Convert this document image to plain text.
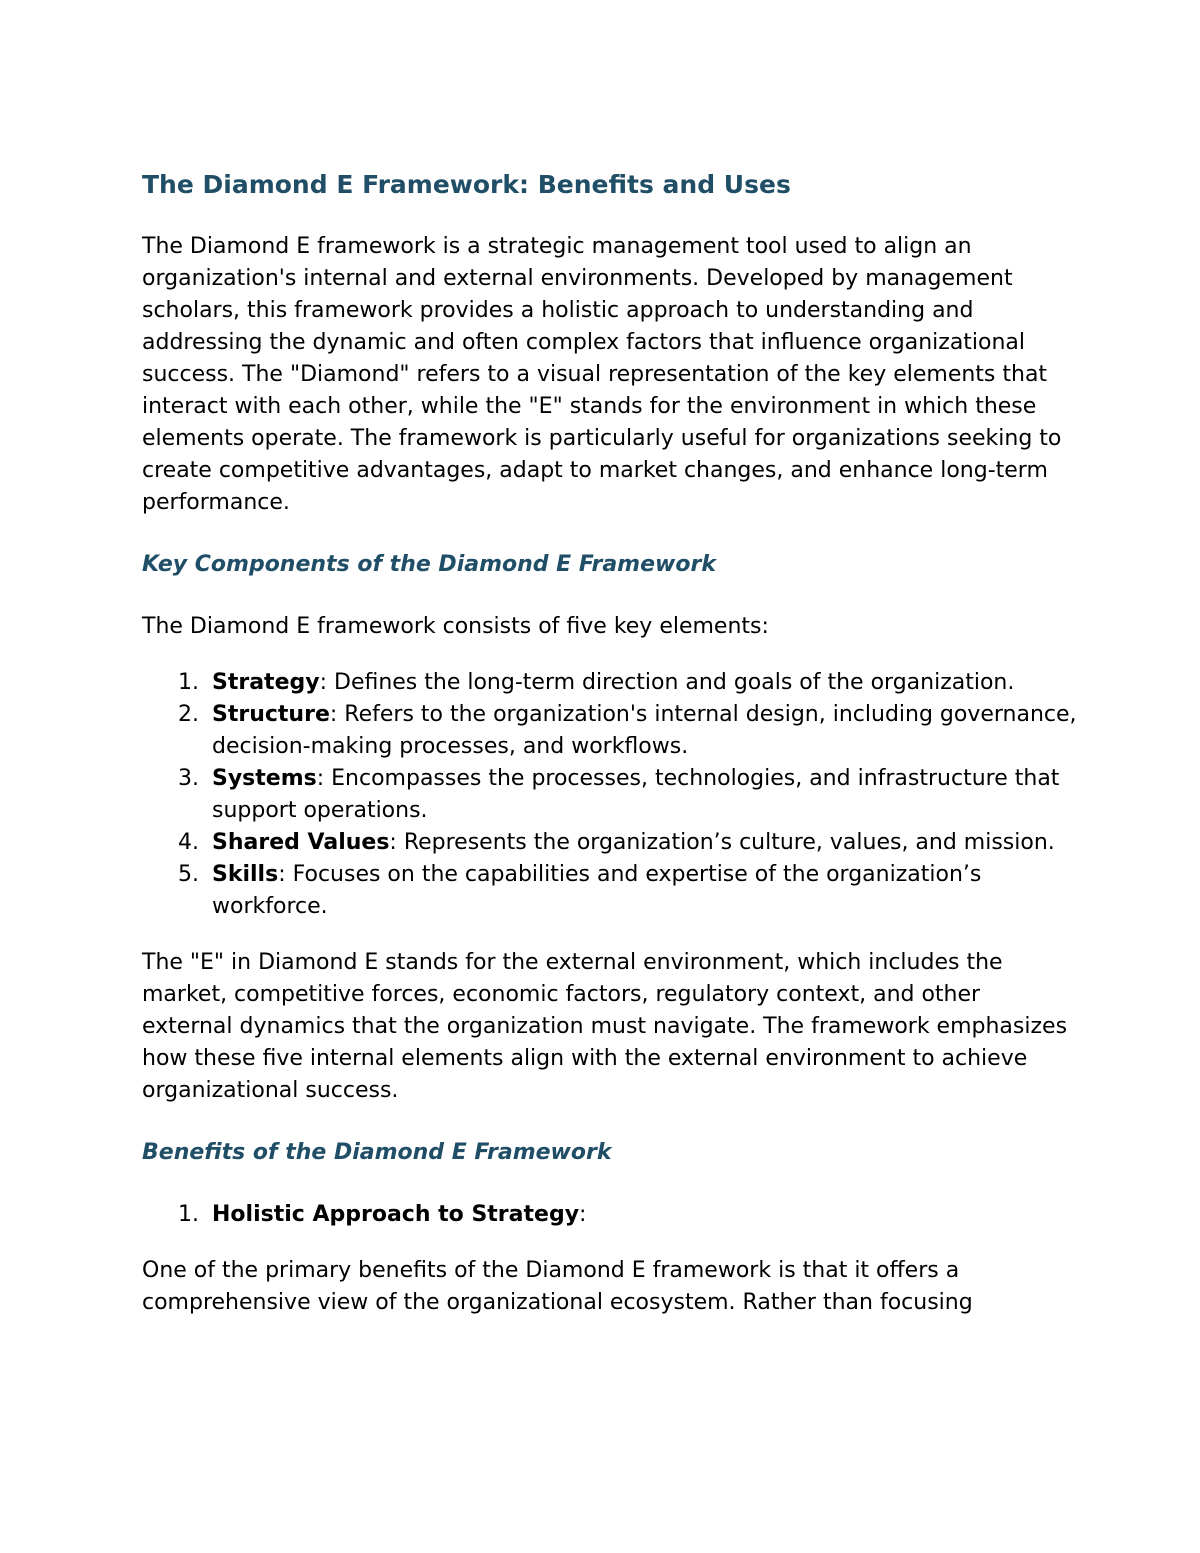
The Diamond E Framework: Benefits and Uses

The Diamond E framework is a strategic management tool used to align an organization's internal and external environments. Developed by management scholars, this framework provides a holistic approach to understanding and addressing the dynamic and often complex factors that influence organizational success. The "Diamond" refers to a visual representation of the key elements that interact with each other, while the "E" stands for the environment in which these elements operate. The framework is particularly useful for organizations seeking to create competitive advantages, adapt to market changes, and enhance long-term performance.

Key Components of the Diamond E Framework

The Diamond E framework consists of five key elements:

1. Strategy: Defines the long-term direction and goals of the organization.
2. Structure: Refers to the organization's internal design, including governance, decision-making processes, and workflows.
3. Systems: Encompasses the processes, technologies, and infrastructure that support operations.
4. Shared Values: Represents the organization’s culture, values, and mission.
5. Skills: Focuses on the capabilities and expertise of the organization’s workforce.

The "E" in Diamond E stands for the external environment, which includes the market, competitive forces, economic factors, regulatory context, and other external dynamics that the organization must navigate. The framework emphasizes how these five internal elements align with the external environment to achieve organizational success.

Benefits of the Diamond E Framework
1. Holistic Approach to Strategy:

One of the primary benefits of the Diamond E framework is that it offers a comprehensive view of the organizational ecosystem. Rather than focusing
